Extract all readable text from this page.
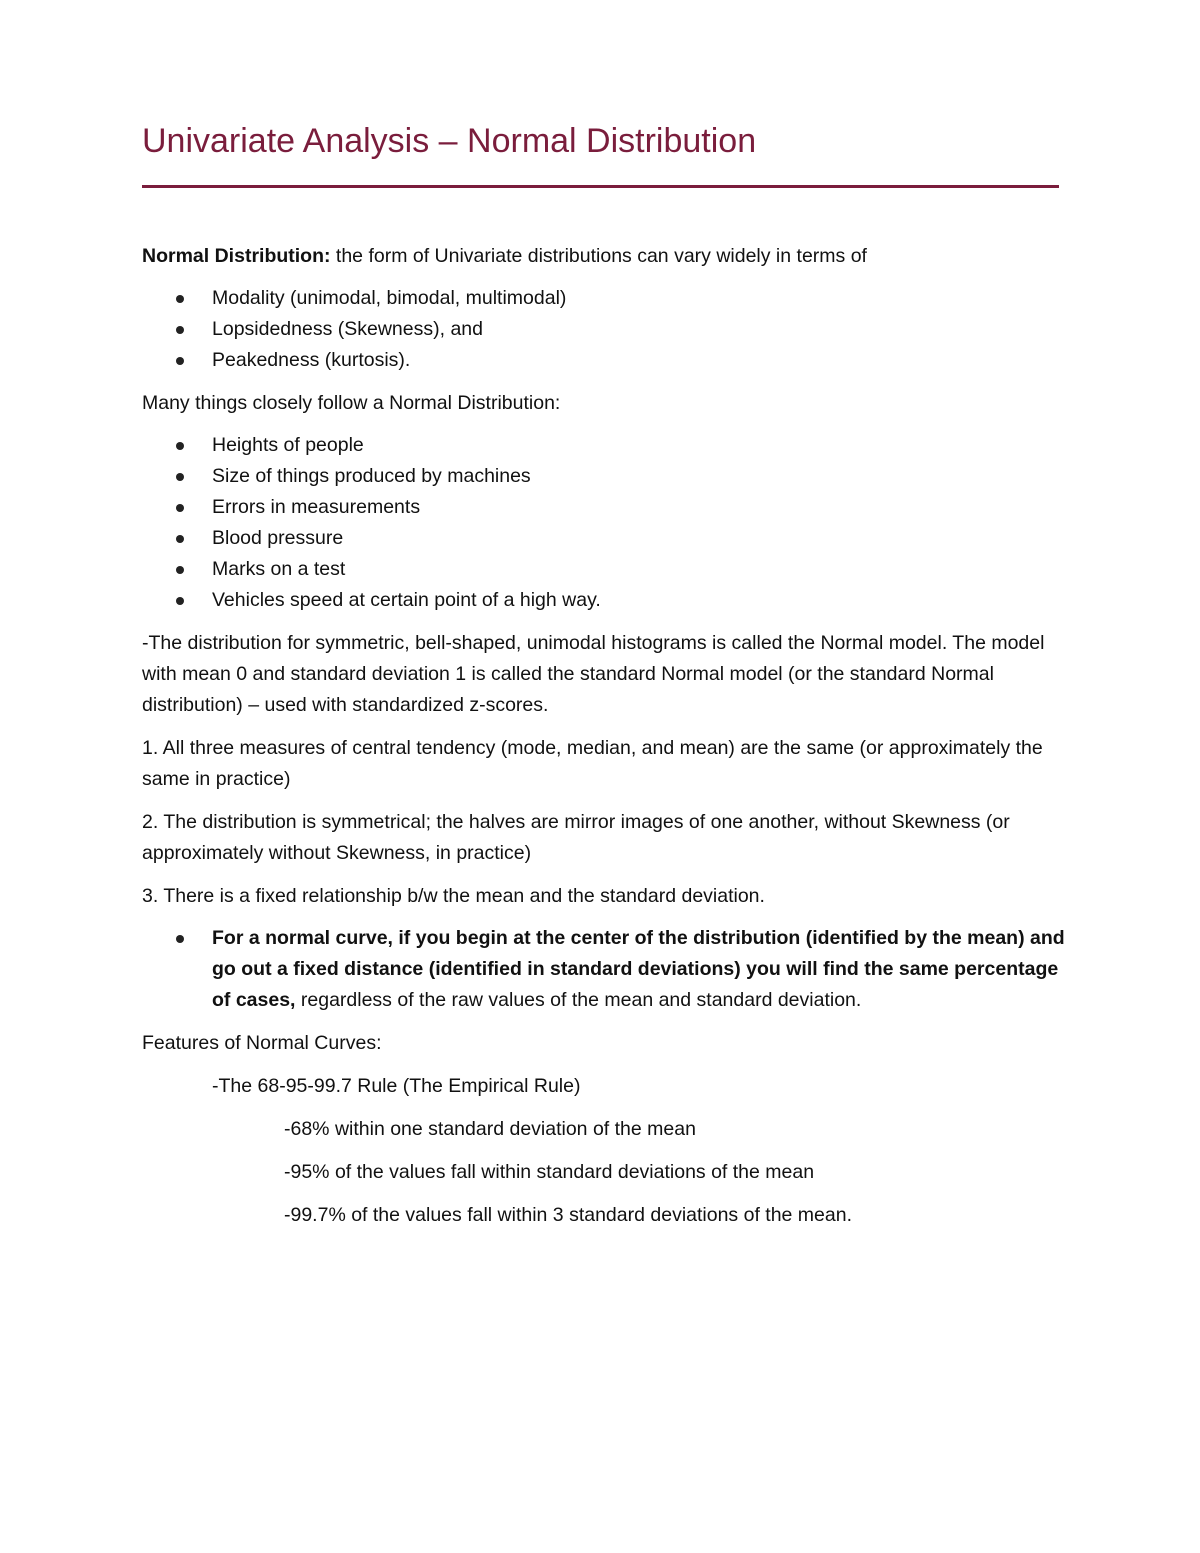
Univariate Analysis – Normal Distribution

Normal Distribution: the form of Univariate distributions can vary widely in terms of

Modality (unimodal, bimodal, multimodal)
Lopsidedness (Skewness), and
Peakedness (kurtosis).

Many things closely follow a Normal Distribution:

Heights of people
Size of things produced by machines
Errors in measurements
Blood pressure
Marks on a test
Vehicles speed at certain point of a high way.

-The distribution for symmetric, bell-shaped, unimodal histograms is called the Normal model. The model with mean 0 and standard deviation 1 is called the standard Normal model (or the standard Normal distribution) – used with standardized z-scores.

1. All three measures of central tendency (mode, median, and mean) are the same (or approximately the same in practice)

2. The distribution is symmetrical; the halves are mirror images of one another, without Skewness (or approximately without Skewness, in practice)

3. There is a fixed relationship b/w the mean and the standard deviation.

For a normal curve, if you begin at the center of the distribution (identified by the mean) and go out a fixed distance (identified in standard deviations) you will find the same percentage of cases, regardless of the raw values of the mean and standard deviation.

Features of Normal Curves:

-The 68-95-99.7 Rule (The Empirical Rule)

-68% within one standard deviation of the mean

-95% of the values fall within standard deviations of the mean

-99.7% of the values fall within 3 standard deviations of the mean.
